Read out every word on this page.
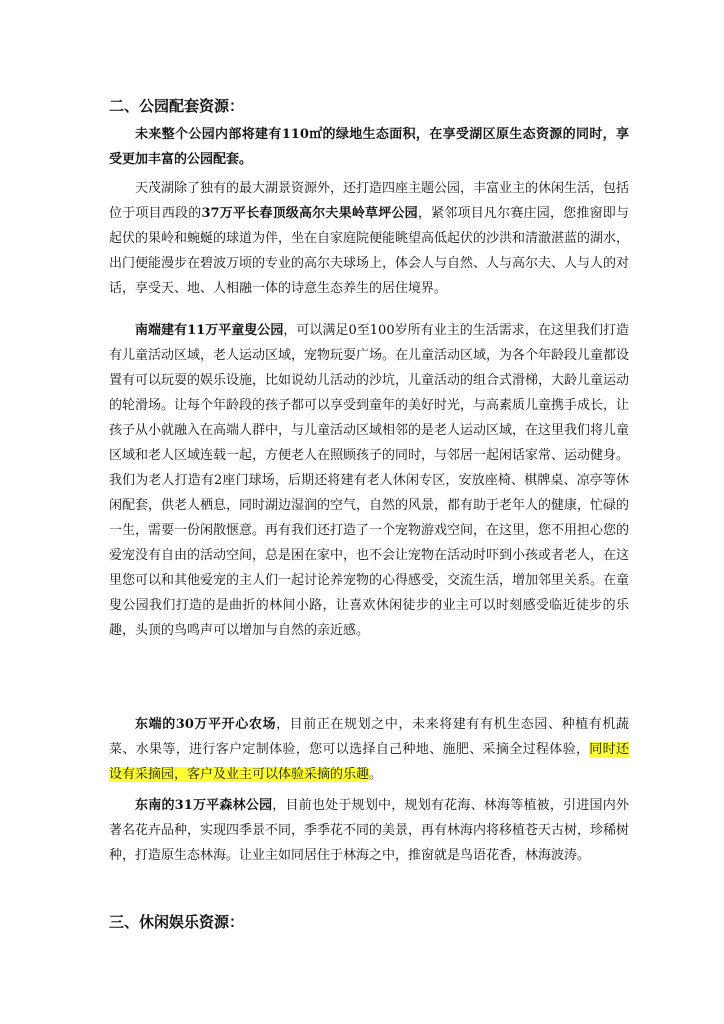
二、公园配套资源：

未来整个公园内部将建有110㎡的绿地生态面积，在享受湖区原生态资源的同时，享受更加丰富的公园配套。

天茂湖除了独有的最大湖景资源外，还打造四座主题公园，丰富业主的休闲生活，包括位于项目西段的37万平长春顶级高尔夫果岭草坪公园，紧邻项目凡尔赛庄园，您推窗即与起伏的果岭和蜿蜒的球道为伴，坐在自家庭院便能眺望高低起伏的沙洪和清澈湛蓝的湖水，出门便能漫步在碧波万顷的专业的高尔夫球场上，体会人与自然、人与高尔夫、人与人的对话，享受天、地、人相融一体的诗意生态养生的居住境界。

南端建有11万平童叟公园，可以满足0至100岁所有业主的生活需求，在这里我们打造有儿童活动区域，老人运动区域，宠物玩耍广场。在儿童活动区域，为各个年龄段儿童都设置有可以玩耍的娱乐设施，比如说幼儿活动的沙坑，儿童活动的组合式滑梯，大龄儿童运动的轮滑场。让每个年龄段的孩子都可以享受到童年的美好时光，与高素质儿童携手成长，让孩子从小就融入在高端人群中，与儿童活动区域相邻的是老人运动区域，在这里我们将儿童区域和老人区域连载一起，方便老人在照顾孩子的同时，与邻居一起闲话家常、运动健身。我们为老人打造有2座门球场，后期还将建有老人休闲专区，安放座椅、棋牌桌、凉亭等休闲配套，供老人栖息，同时湖边湿润的空气，自然的风景，都有助于老年人的健康，忙碌的一生，需要一份闲散惬意。再有我们还打造了一个宠物游戏空间，在这里，您不用担心您的爱宠没有自由的活动空间，总是困在家中，也不会让宠物在活动时吓到小孩或者老人，在这里您可以和其他爱宠的主人们一起讨论养宠物的心得感受，交流生活，增加邻里关系。在童叟公园我们打造的是曲折的林间小路，让喜欢休闲徒步的业主可以时刻感受临近徒步的乐趣，头顶的鸟鸣声可以增加与自然的亲近感。

东端的30万平开心农场，目前正在规划之中，未来将建有有机生态园、种植有机蔬菜、水果等，进行客户定制体验，您可以选择自己种地、施肥、采摘全过程体验，同时还设有采摘园，客户及业主可以体验采摘的乐趣。

东南的31万平森林公园，目前也处于规划中，规划有花海、林海等植被，引进国内外著名花卉品种，实现四季景不同，季季花不同的美景，再有林海内将移植苍天古树，珍稀树种，打造原生态林海。让业主如同居住于林海之中，推窗就是鸟语花香，林海波涛。

三、休闲娱乐资源：
